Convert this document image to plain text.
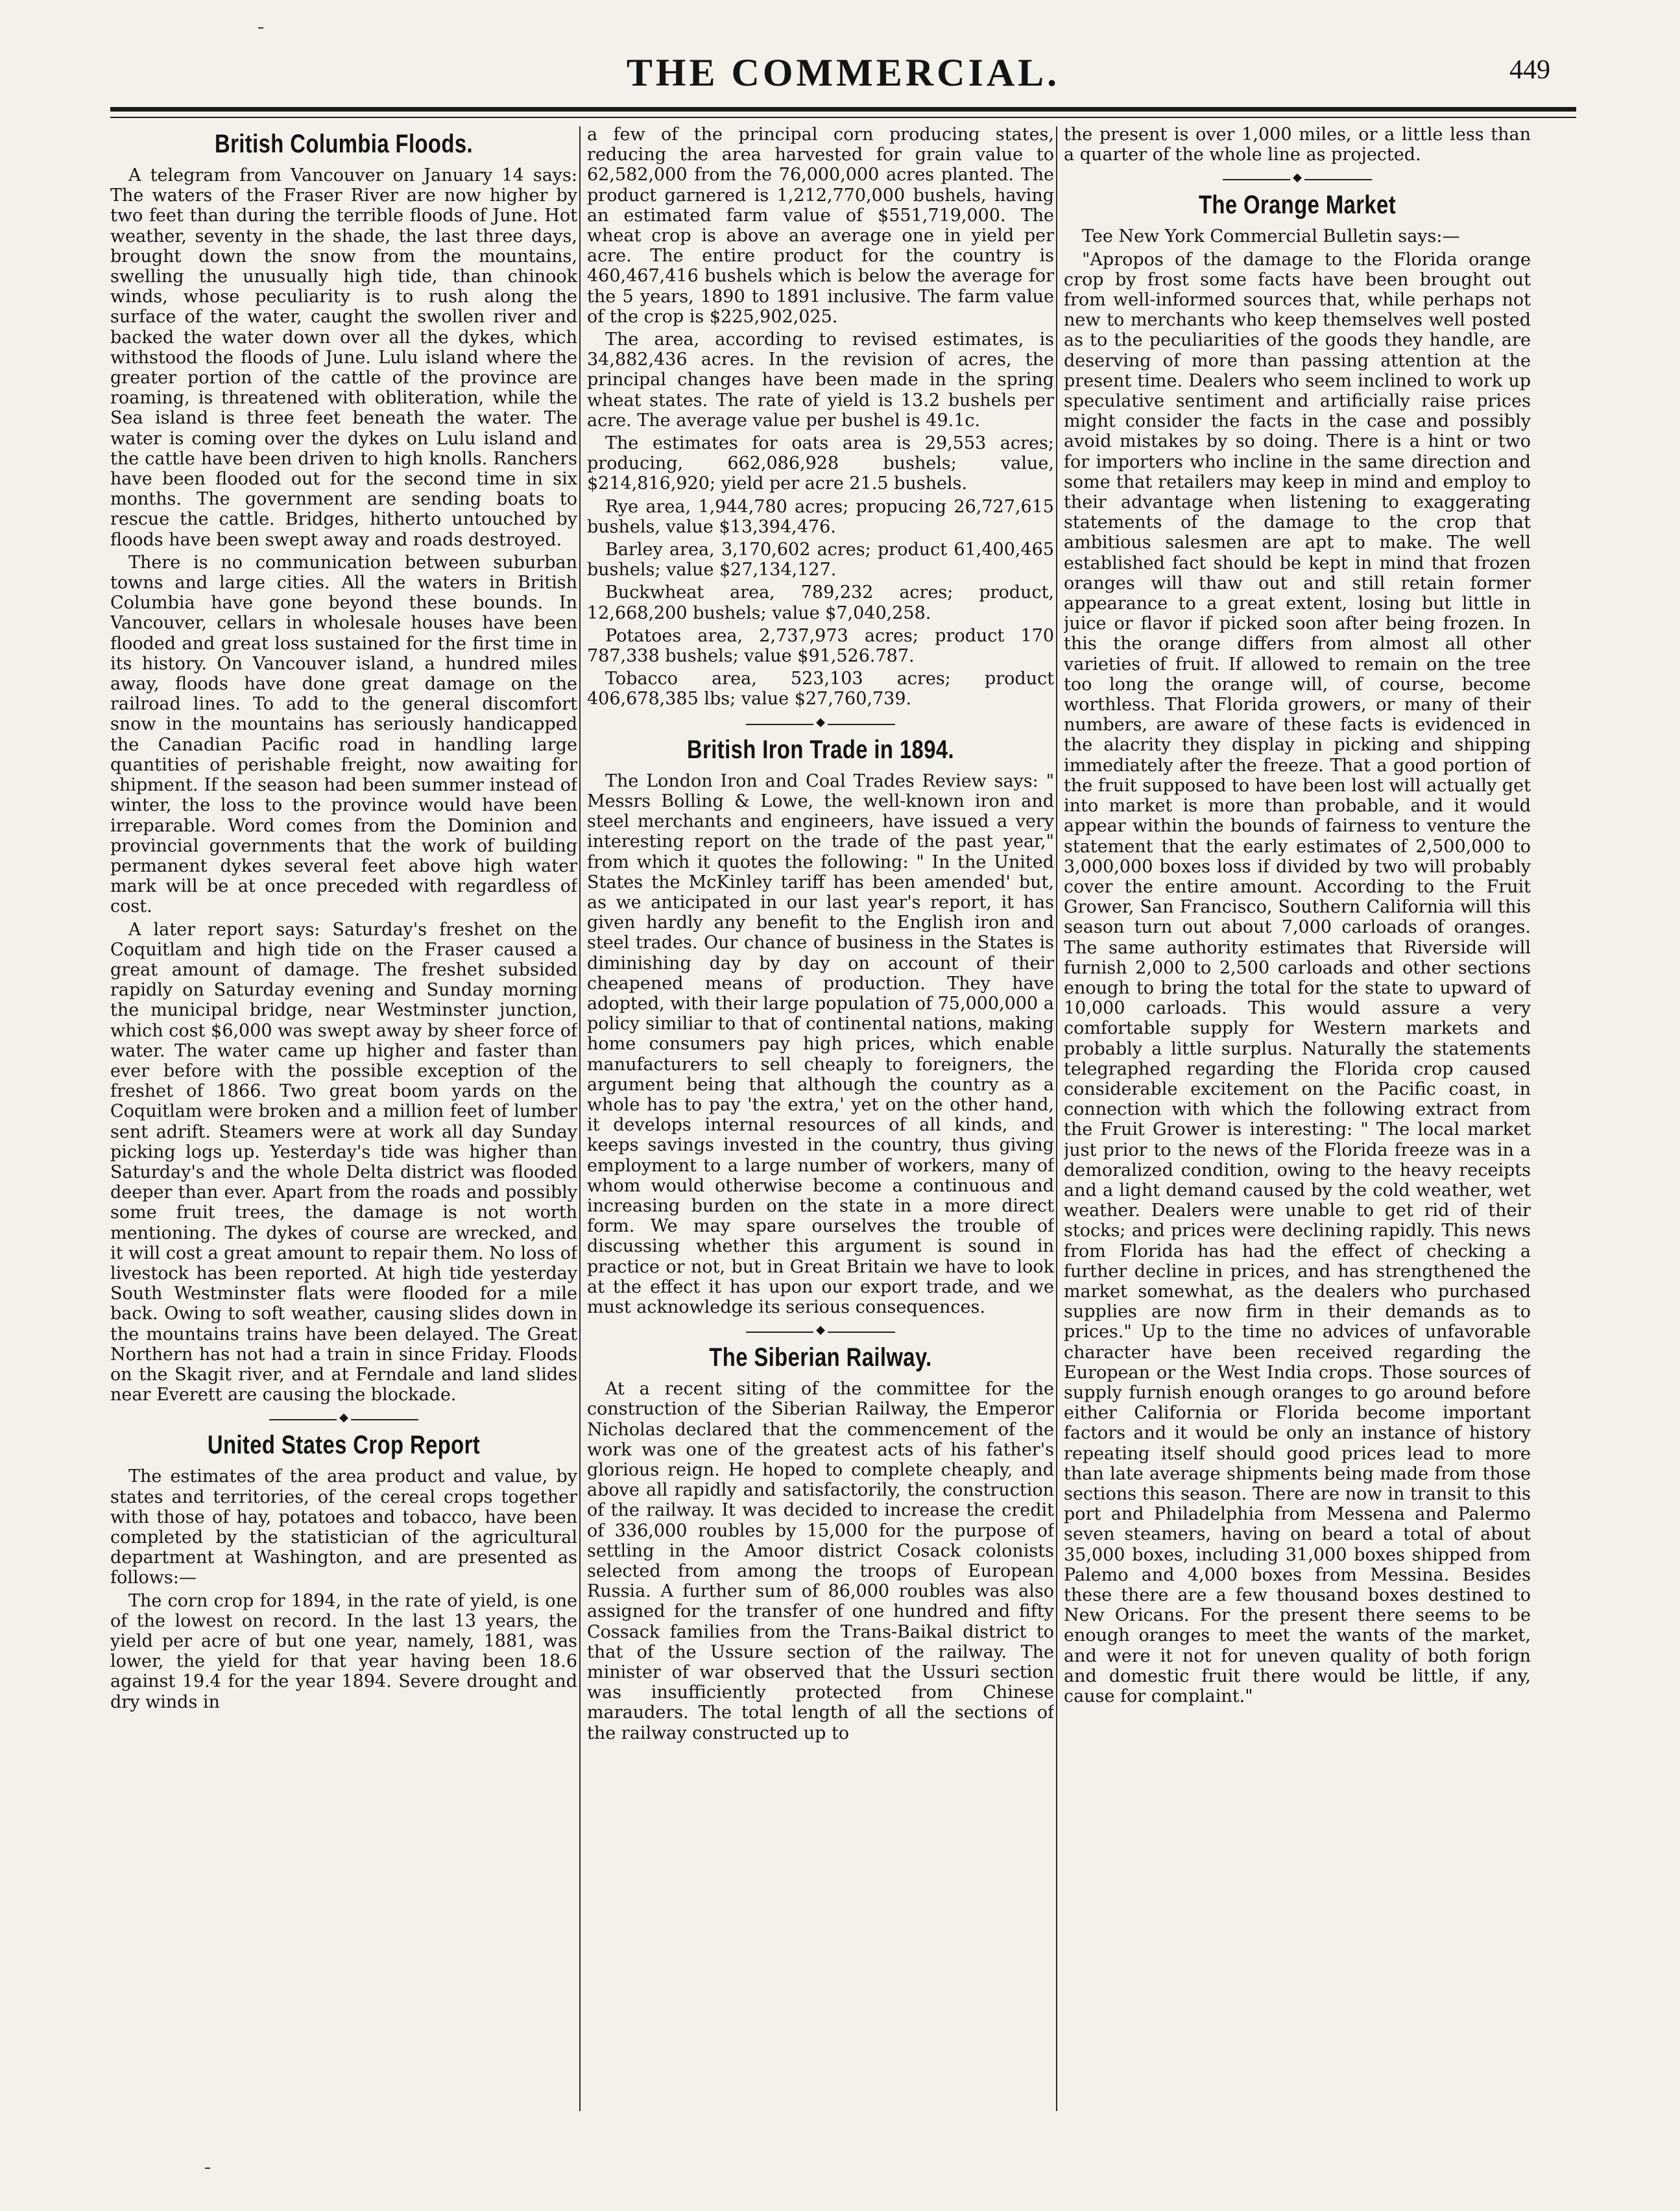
THE COMMERCIAL.	449
British Columbia Floods.

A telegram from Vancouver on January 14 says: The waters of the Fraser River are now higher by two feet than during the terrible floods of June. Hot weather, seventy in the shade, the last three days, brought down the snow from the mountains, swelling the unusually high tide, than chinook winds, whose peculiarity is to rush along the surface of the water, caught the swollen river and backed the water down over all the dykes, which withstood the floods of June. Lulu island where the greater portion of the cattle of the province are roaming, is threatened with obliteration, while the Sea island is three feet beneath the water. The water is coming over the dykes on Lulu island and the cattle have been driven to high knolls. Ranchers have been flooded out for the second time in six months. The government are sending boats to rescue the cattle. Bridges, hitherto untouched by floods have been swept away and roads destroyed.

There is no communication between suburban towns and large cities. All the waters in British Columbia have gone beyond these bounds. In Vancouver, cellars in wholesale houses have been flooded and great loss sustained for the first time in its history. On Vancouver island, a hundred miles away, floods have done great damage on the railroad lines. To add to the general discomfort snow in the mountains has seriously handicapped the Canadian Pacific road in handling large quantities of perishable freight, now awaiting for shipment. If the season had been summer instead of winter, the loss to the province would have been irreparable. Word comes from the Dominion and provincial governments that the work of building permanent dykes several feet above high water mark will be at once preceded with regardless of cost.

A later report says: Saturday's freshet on the Coquitlam and high tide on the Fraser caused a great amount of damage. The freshet subsided rapidly on Saturday evening and Sunday morning the municipal bridge, near Westminster junction, which cost $6,000 was swept away by sheer force of water. The water came up higher and faster than ever before with the possible exception of the freshet of 1866. Two great boom yards on the Coquitlam were broken and a million feet of lumber sent adrift. Steamers were at work all day Sunday picking logs up. Yesterday's tide was higher than Saturday's and the whole Delta district was flooded deeper than ever. Apart from the roads and possibly some fruit trees, the damage is not worth mentioning. The dykes of course are wrecked, and it will cost a great amount to repair them. No loss of livestock has been reported. At high tide yesterday South Westminster flats were flooded for a mile back. Owing to soft weather, causing slides down in the mountains trains have been delayed. The Great Northern has not had a train in since Friday. Floods on the Skagit river, and at Ferndale and land slides near Everett are causing the blockade.

◆
United States Crop Report

The estimates of the area product and value, by states and territories, of the cereal crops together with those of hay, potatoes and tobacco, have been completed by the statistician of the agricultural department at Washington, and are presented as follows:—

The corn crop for 1894, in the rate of yield, is one of the lowest on record. In the last 13 years, the yield per acre of but one year, namely, 1881, was lower, the yield for that year having been 18.6 against 19.4 for the year 1894. Severe drought and dry winds in

a few of the principal corn producing states, reducing the area harvested for grain value to 62,582,000 from the 76,000,000 acres planted. The product garnered is 1,212,770,000 bushels, having an estimated farm value of $551,719,000. The wheat crop is above an average one in yield per acre. The entire product for the country is 460,467,416 bushels which is below the average for the 5 years, 1890 to 1891 inclusive. The farm value of the crop is $225,902,025.

The area, according to revised estimates, is 34,882,436 acres. In the revision of acres, the principal changes have been made in the spring wheat states. The rate of yield is 13.2 bushels per acre. The average value per bushel is 49.1c.

The estimates for oats area is 29,553 acres; producing, 662,086,928 bushels; value, $214,816,920; yield per acre 21.5 bushels.

Rye area, 1,944,780 acres; propucing 26,727,615 bushels, value $13,394,476.

Barley area, 3,170,602 acres; product 61,400,465 bushels; value $27,134,127.

Buckwheat area, 789,232 acres; product, 12,668,200 bushels; value $7,040,258.

Potatoes area, 2,737,973 acres; product 170 787,338 bushels; value $91,526.787.

Tobacco area, 523,103 acres; product 406,678,385 lbs; value $27,760,739.

◆
British Iron Trade in 1894.

The London Iron and Coal Trades Review says: " Messrs Bolling & Lowe, the well-known iron and steel merchants and engineers, have issued a very interesting report on the trade of the past year," from which it quotes the following: " In the United States the McKinley tariff has been amended' but, as we anticipated in our last year's report, it has given hardly any benefit to the English iron and steel trades. Our chance of business in the States is diminishing day by day on account of their cheapened means of production. They have adopted, with their large population of 75,000,000 a policy similiar to that of continental nations, making home consumers pay high prices, which enable manufacturers to sell cheaply to foreigners, the argument being that although the country as a whole has to pay 'the extra,' yet on the other hand, it develops internal resources of all kinds, and keeps savings invested in the country, thus giving employment to a large number of workers, many of whom would otherwise become a continuous and increasing burden on the state in a more direct form. We may spare ourselves the trouble of discussing whether this argument is sound in practice or not, but in Great Britain we have to look at the effect it has upon our export trade, and we must acknowledge its serious consequences.

◆
The Siberian Railway.

At a recent siting of the committee for the construction of the Siberian Railway, the Emperor Nicholas declared that the commencement of the work was one of the greatest acts of his father's glorious reign. He hoped to complete cheaply, and above all rapidly and satisfactorily, the construction of the railway. It was decided to increase the credit of 336,000 roubles by 15,000 for the purpose of settling in the Amoor district Cosack colonists selected from among the troops of European Russia. A further sum of 86,000 roubles was also assigned for the transfer of one hundred and fifty Cossack families from the Trans-Baikal district to that of the Ussure section of the railway. The minister of war observed that the Ussuri section was insufficiently protected from Chinese marauders. The total length of all the sections of the railway constructed up to

the present is over 1,000 miles, or a little less than a quarter of the whole line as projected.

◆
The Orange Market

Tee New York Commercial Bulletin says:—

"Apropos of the damage to the Florida orange crop by frost some facts have been brought out from well-informed sources that, while perhaps not new to merchants who keep themselves well posted as to the peculiarities of the goods they handle, are deserving of more than passing attention at the present time. Dealers who seem inclined to work up speculative sentiment and artificially raise prices might consider the facts in the case and possibly avoid mistakes by so doing. There is a hint or two for importers who incline in the same direction and some that retailers may keep in mind and employ to their advantage when listening to exaggerating statements of the damage to the crop that ambitious salesmen are apt to make. The well established fact should be kept in mind that frozen oranges will thaw out and still retain former appearance to a great extent, losing but little in juice or flavor if picked soon after being frozen. In this the orange differs from almost all other varieties of fruit. If allowed to remain on the tree too long the orange will, of course, become worthless. That Florida growers, or many of their numbers, are aware of these facts is evidenced in the alacrity they display in picking and shipping immediately after the freeze. That a good portion of the fruit supposed to have been lost will actually get into market is more than probable, and it would appear within the bounds of fairness to venture the statement that the early estimates of 2,500,000 to 3,000,000 boxes loss if divided by two will probably cover the entire amount. According to the Fruit Grower, San Francisco, Southern California will this season turn out about 7,000 carloads of oranges. The same authority estimates that Riverside will furnish 2,000 to 2,500 carloads and other sections enough to bring the total for the state to upward of 10,000 carloads. This would assure a very comfortable supply for Western markets and probably a little surplus. Naturally the statements telegraphed regarding the Florida crop caused considerable excitement on the Pacific coast, in connection with which the following extract from the Fruit Grower is interesting: " The local market just prior to the news of the Florida freeze was in a demoralized condition, owing to the heavy receipts and a light demand caused by the cold weather, wet weather. Dealers were unable to get rid of their stocks; and prices were declining rapidly. This news from Florida has had the effect of checking a further decline in prices, and has strengthened the market somewhat, as the dealers who purchased supplies are now firm in their demands as to prices." Up to the time no advices of unfavorable character have been received regarding the European or the West India crops. Those sources of supply furnish enough oranges to go around before either California or Florida become important factors and it would be only an instance of history repeating itself should good prices lead to more than late average shipments being made from those sections this season. There are now in transit to this port and Philadelphia from Messena and Palermo seven steamers, having on beard a total of about 35,000 boxes, including 31,000 boxes shipped from Palemo and 4,000 boxes from Messina. Besides these there are a few thousand boxes destined to New Oricans. For the present there seems to be enough oranges to meet the wants of the market, and were it not for uneven quality of both forign and domestic fruit there would be little, if any, cause for complaint."
